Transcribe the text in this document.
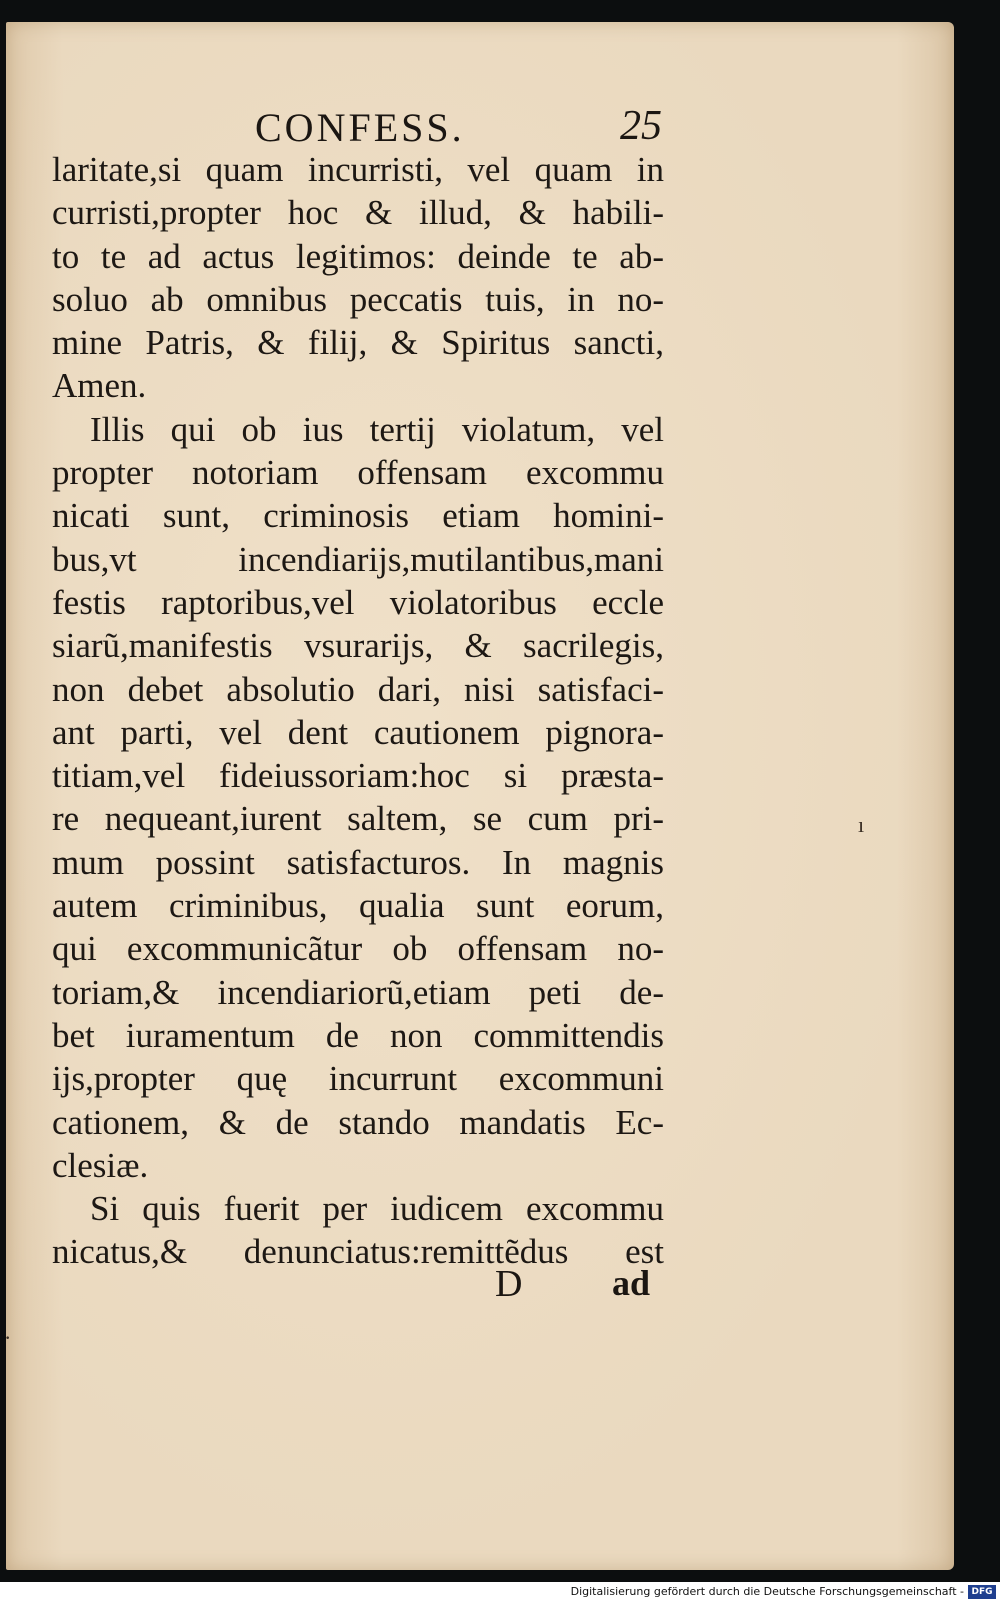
CONFESS.	25
laritate,si quam incurristi, vel quam in
curristi,propter hoc & illud, & habili-
to te ad actus legitimos: deinde te ab-
soluo ab omnibus peccatis tuis, in no-
mine Patris, & filij, & Spiritus sancti,
Amen.
Illis qui ob ius tertij violatum, vel
propter notoriam offensam excommu
nicati sunt, criminosis etiam homini-
bus,vt incendiarijs,mutilantibus,mani
festis raptoribus,vel violatoribus eccle
siarũ,manifestis vsurarijs, & sacrilegis,
non debet absolutio dari, nisi satisfaci-
ant parti, vel dent cautionem pignora-
titiam,vel fideiussoriam:hoc si præsta-
re nequeant,iurent saltem, se cum pri-
mum possint satisfacturos. In magnis
autem criminibus, qualia sunt eorum,
qui excommunicãtur ob offensam no-
toriam,& incendiariorũ,etiam peti de-
bet iuramentum de non committendis
ijs,propter quę incurrunt excommuni
cationem, & de stando mandatis Ec-
clesiæ.
Si quis fuerit per iudicem excommu
nicatus,& denunciatus:remittẽdus est
D ad
ı
·
Digitalisierung gefördert durch die Deutsche Forschungsgemeinschaft - DFG
